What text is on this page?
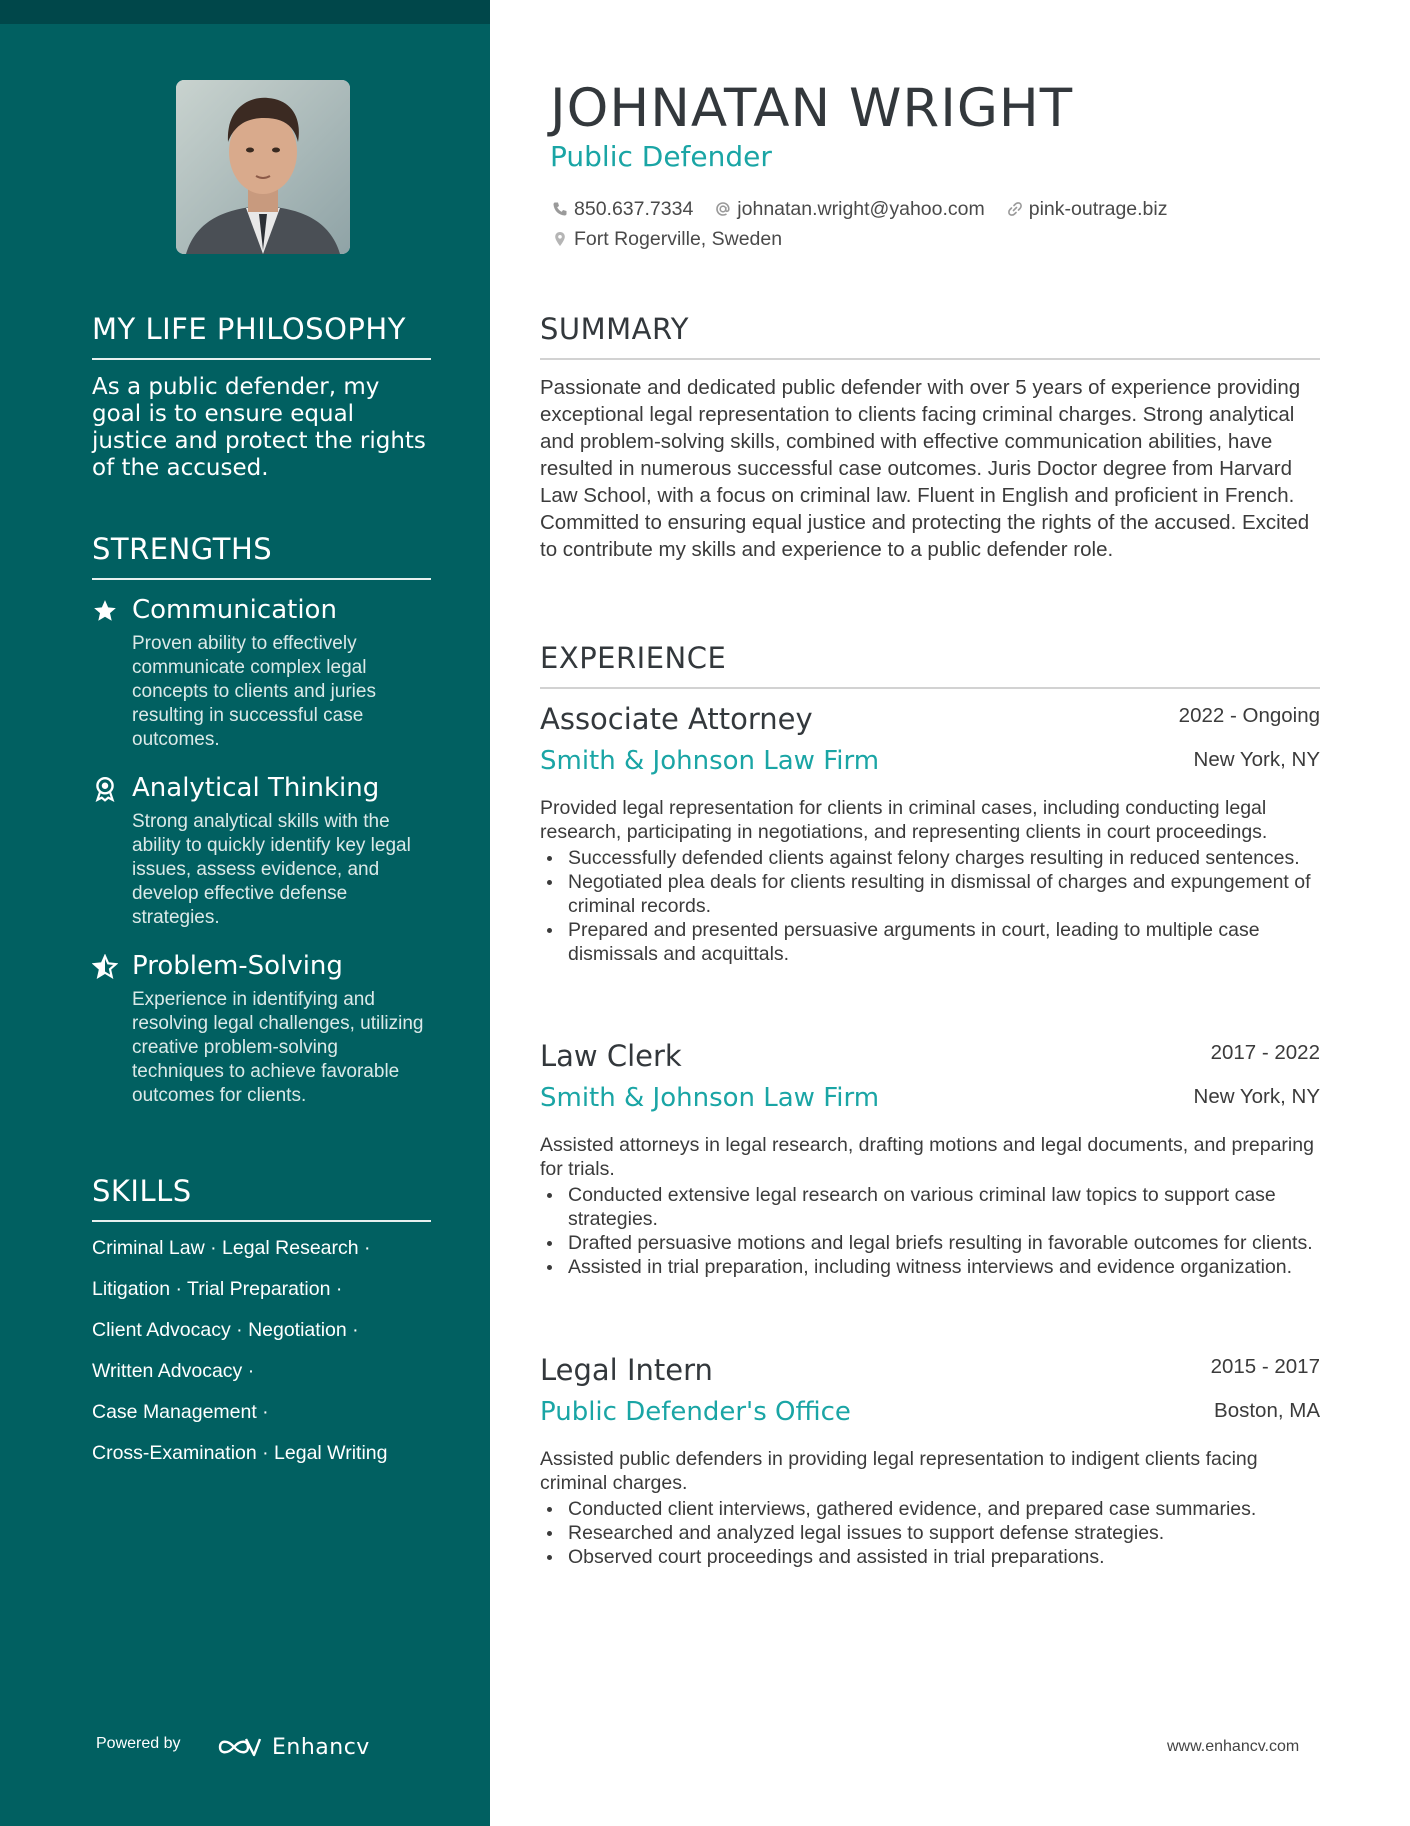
MY LIFE PHILOSOPHY
As a public defender, my goal is to ensure equal justice and protect the rights of the accused.
STRENGTHS
Communication
Proven ability to effectively communicate complex legal concepts to clients and juries resulting in successful case outcomes.
Analytical Thinking
Strong analytical skills with the ability to quickly identify key legal issues, assess evidence, and develop effective defense strategies.
Problem-Solving
Experience in identifying and resolving legal challenges, utilizing creative problem-solving techniques to achieve favorable outcomes for clients.
SKILLS
Criminal Law · Legal Research ·
Litigation · Trial Preparation ·
Client Advocacy · Negotiation ·
Written Advocacy ·
Case Management ·
Cross-Examination · Legal Writing
Powered by	Enhancv
JOHNATAN WRIGHT
Public Defender
850.637.7334 johnatan.wright@yahoo.com pink-outrage.biz
Fort Rogerville, Sweden
SUMMARY
Passionate and dedicated public defender with over 5 years of experience providing exceptional legal representation to clients facing criminal charges. Strong analytical and problem-solving skills, combined with effective communication abilities, have resulted in numerous successful case outcomes. Juris Doctor degree from Harvard Law School, with a focus on criminal law. Fluent in English and proficient in French. Committed to ensuring equal justice and protecting the rights of the accused. Excited to contribute my skills and experience to a public defender role.
EXPERIENCE
Associate Attorney	2022 - Ongoing
Smith & Johnson Law Firm	New York, NY
Provided legal representation for clients in criminal cases, including conducting legal research, participating in negotiations, and representing clients in court proceedings.
Successfully defended clients against felony charges resulting in reduced sentences.
Negotiated plea deals for clients resulting in dismissal of charges and expungement of criminal records.
Prepared and presented persuasive arguments in court, leading to multiple case dismissals and acquittals.
Law Clerk	2017 - 2022
Smith & Johnson Law Firm	New York, NY
Assisted attorneys in legal research, drafting motions and legal documents, and preparing for trials.
Conducted extensive legal research on various criminal law topics to support case strategies.
Drafted persuasive motions and legal briefs resulting in favorable outcomes for clients.
Assisted in trial preparation, including witness interviews and evidence organization.
Legal Intern	2015 - 2017
Public Defender's Office	Boston, MA
Assisted public defenders in providing legal representation to indigent clients facing criminal charges.
Conducted client interviews, gathered evidence, and prepared case summaries.
Researched and analyzed legal issues to support defense strategies.
Observed court proceedings and assisted in trial preparations.
www.enhancv.com
